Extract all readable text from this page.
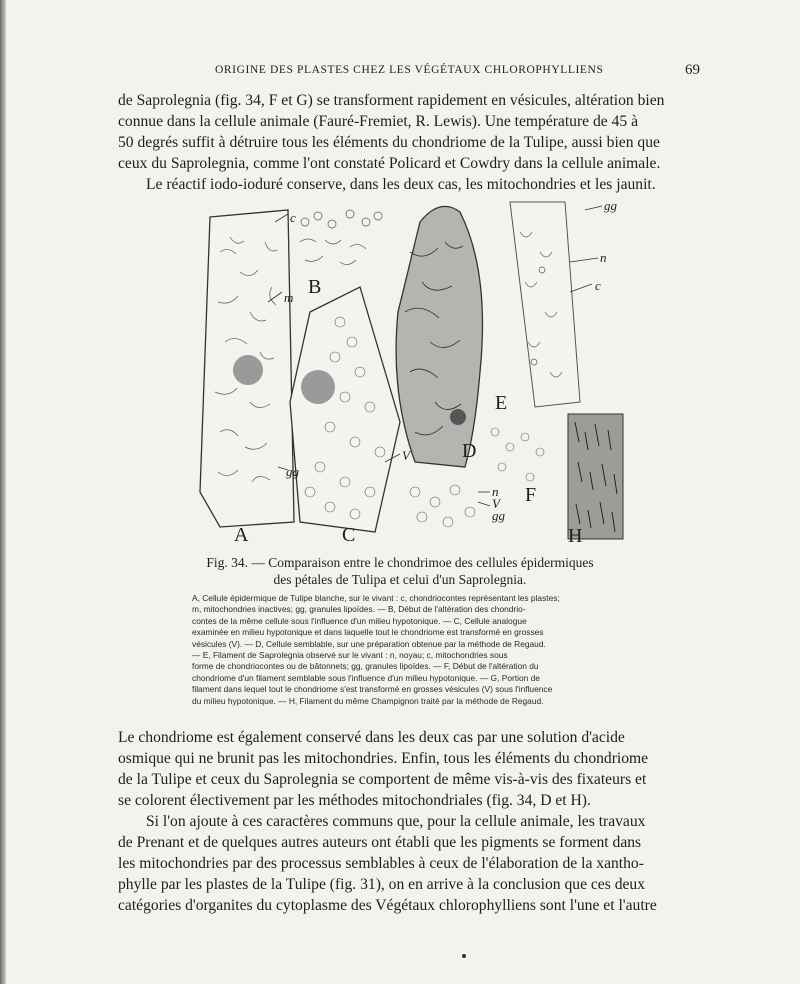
ORIGINE DES PLASTES CHEZ LES VÉGÉTAUX CHLOROPHYLLIENS	69

de Saprolegnia (fig. 34, F et G) se transforment rapidement en vésicules, altération bien
connue dans la cellule animale (Fauré-Fremiet, R. Lewis). Une température de 45 à
50 degrés suffit à détruire tous les éléments du chondriome de la Tulipe, aussi bien que
ceux du Saprolegnia, comme l'ont constaté Policard et Cowdry dans la cellule animale.
Le réactif iodo-ioduré conserve, dans les deux cas, les mitochondries et les jaunit.

A
B
C
D
E
F
H
c
m
gg
V
gg
n
c
n
V
gg
Fig. 34. — Comparaison entre le chondrimoe des cellules épidermiques
des pétales de Tulipa et celui d'un Saprolegnia.
A, Cellule épidermique de Tulipe blanche, sur le vivant : c, chondriocontes représentant les plastes;
m, mitochondries inactives; gg, granules lipoïdes. — B, Début de l'altération des chondrio-
contes de la même cellule sous l'influence d'un milieu hypotonique. — C, Cellule analogue
examinée en milieu hypotonique et dans laquelle tout le chondriome est transformé en grosses
vésicules (V). — D, Cellule semblable, sur une préparation obtenue par la méthode de Regaud.
— E, Filament de Saprolegnia observé sur le vivant : n, noyau; c, mitochondries sous
forme de chondriocontes ou de bâtonnets; gg, granules lipoïdes. — F, Début de l'altération du
chondriome d'un filament semblable sous l'influence d'un milieu hypotonique. — G, Portion de
filament dans lequel tout le chondriome s'est transformé en grosses vésicules (V) sous l'influence
du milieu hypotonique. — H, Filament du même Champignon traité par la méthode de Regaud.

Le chondriome est également conservé dans les deux cas par une solution d'acide
osmique qui ne brunit pas les mitochondries. Enfin, tous les éléments du chondriome
de la Tulipe et ceux du Saprolegnia se comportent de même vis-à-vis des fixateurs et
se colorent électivement par les méthodes mitochondriales (fig. 34, D et H).

Si l'on ajoute à ces caractères communs que, pour la cellule animale, les travaux
de Prenant et de quelques autres auteurs ont établi que les pigments se forment dans
les mitochondries par des processus semblables à ceux de l'élaboration de la xantho-
phylle par les plastes de la Tulipe (fig. 31), on en arrive à la conclusion que ces deux
catégories d'organites du cytoplasme des Végétaux chlorophylliens sont l'une et l'autre
